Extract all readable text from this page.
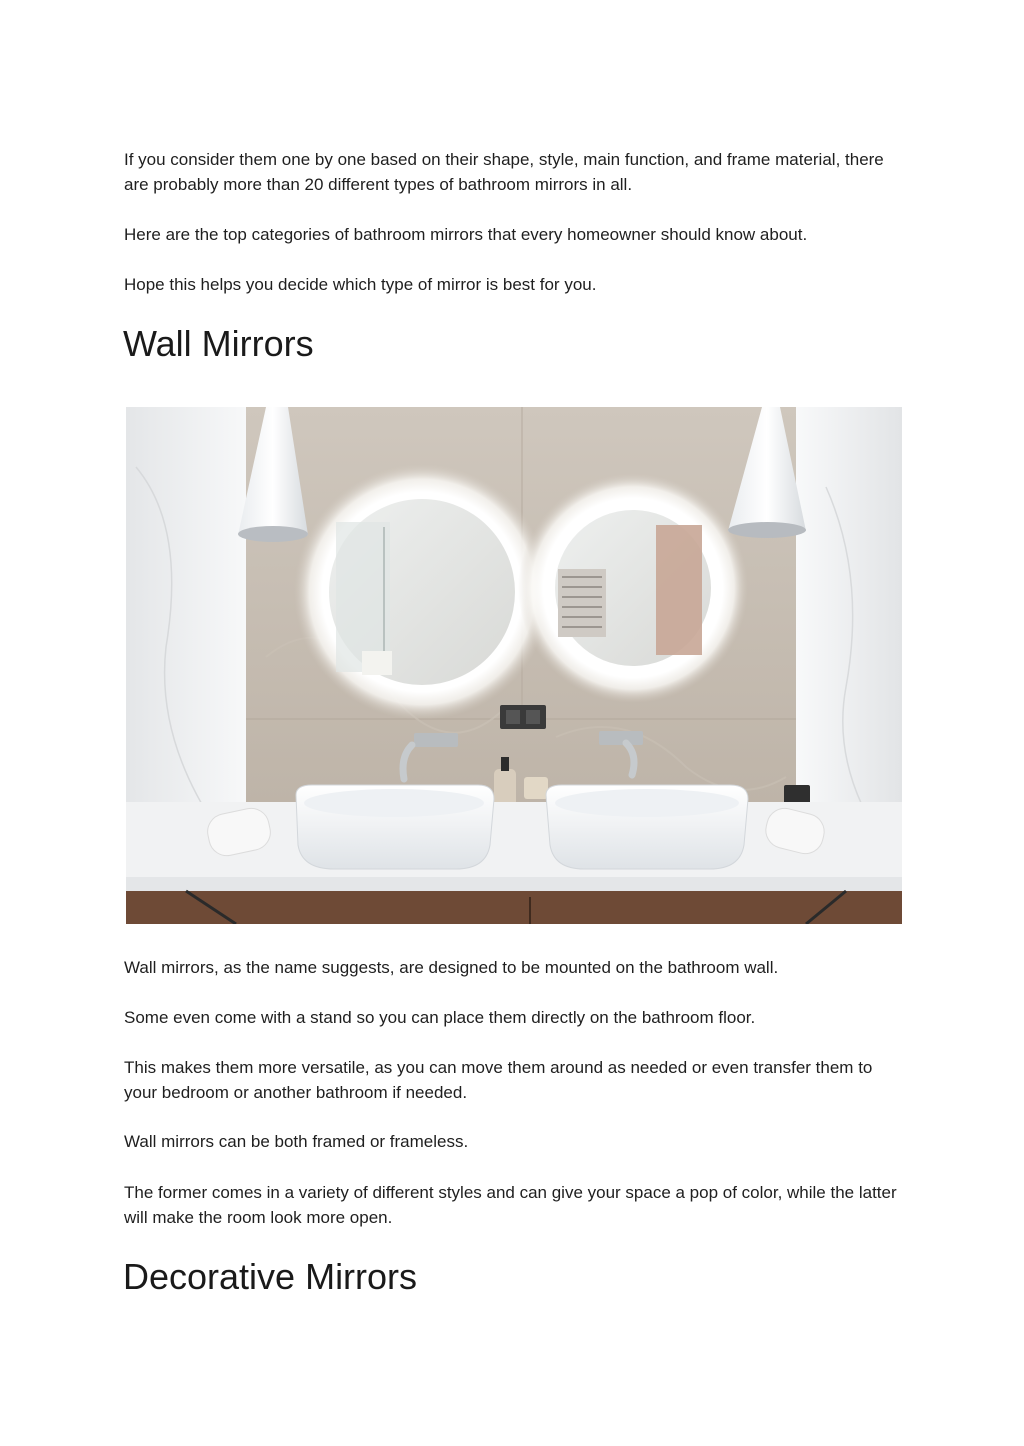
If you consider them one by one based on their shape, style, main function, and frame material, there are probably more than 20 different types of bathroom mirrors in all.

Here are the top categories of bathroom mirrors that every homeowner should know about.

Hope this helps you decide which type of mirror is best for you.

Wall Mirrors

Wall mirrors, as the name suggests, are designed to be mounted on the bathroom wall.

Some even come with a stand so you can place them directly on the bathroom floor.

This makes them more versatile, as you can move them around as needed or even transfer them to your bedroom or another bathroom if needed.

Wall mirrors can be both framed or frameless.

The former comes in a variety of different styles and can give your space a pop of color, while the latter will make the room look more open.

Decorative Mirrors
